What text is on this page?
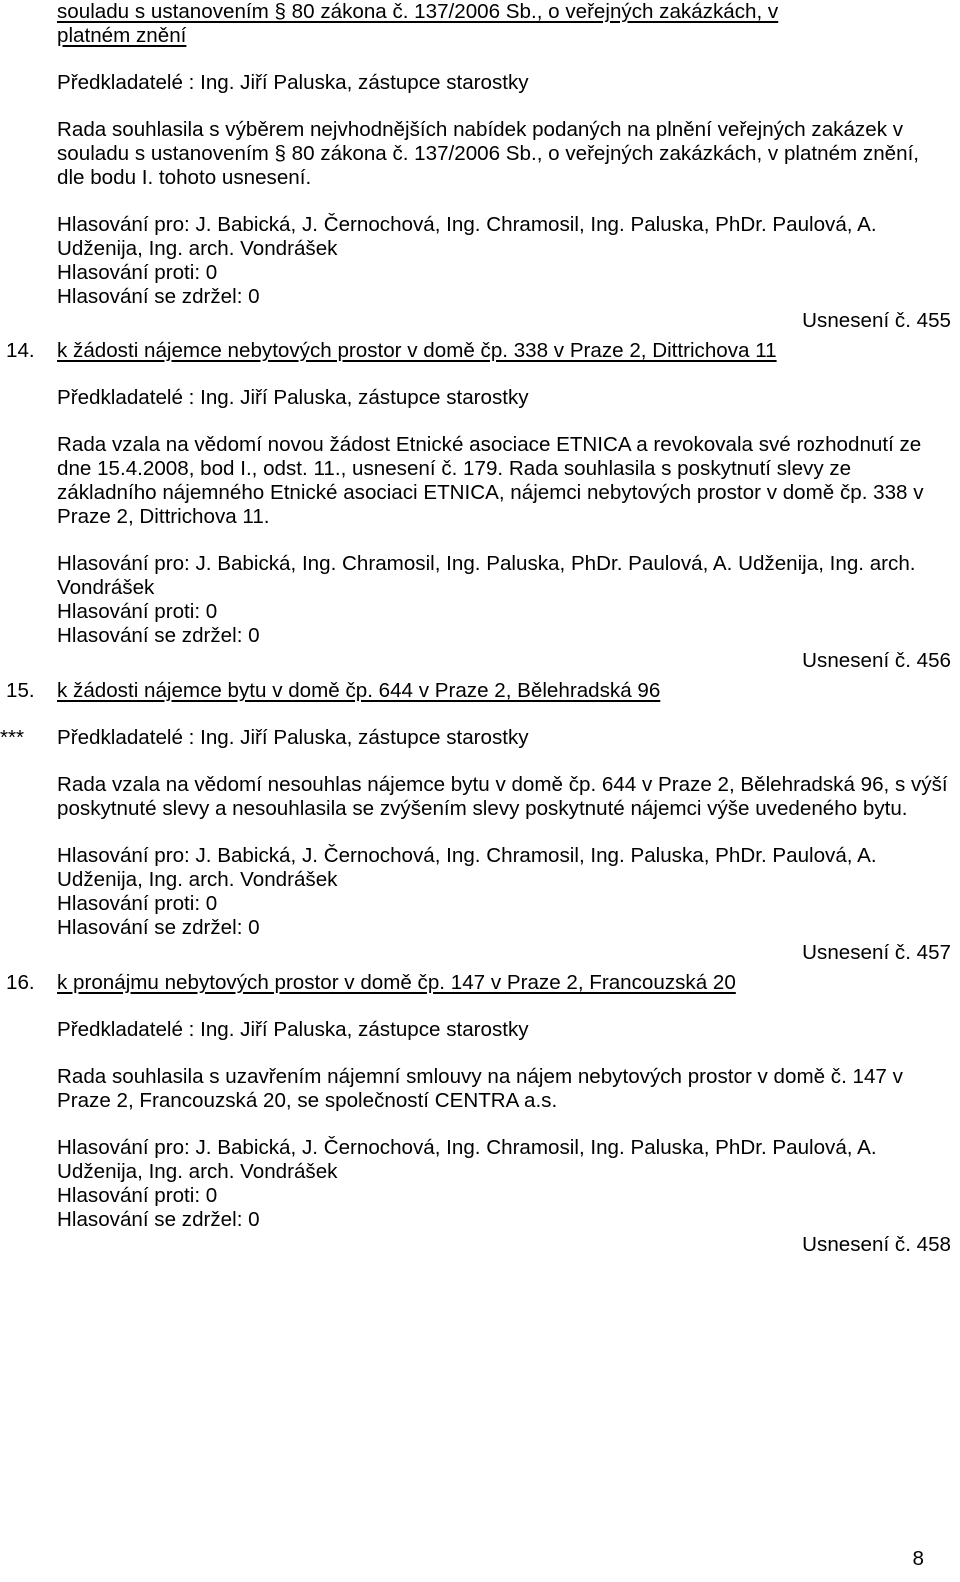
souladu s ustanovením § 80 zákona č. 137/2006 Sb., o veřejných zakázkách, v

platném znění

Předkladatelé : Ing. Jiří Paluska, zástupce starostky

Rada souhlasila s výběrem nejvhodnějších nabídek podaných na plnění veřejných zakázek v souladu s ustanovením § 80 zákona č. 137/2006 Sb., o veřejných zakázkách, v platném znění, dle bodu I. tohoto usnesení.

Hlasování pro: J. Babická, J. Černochová, Ing. Chramosil, Ing. Paluska, PhDr. Paulová, A. Udženija, Ing. arch. Vondrášek

Hlasování proti: 0

Hlasování se zdržel: 0

Usnesení č. 455

14.	k žádosti nájemce nebytových prostor v domě čp. 338 v Praze 2, Dittrichova 11

Předkladatelé : Ing. Jiří Paluska, zástupce starostky

Rada vzala na vědomí novou žádost Etnické asociace ETNICA a revokovala své rozhodnutí ze dne 15.4.2008, bod I., odst. 11., usnesení č. 179. Rada souhlasila s poskytnutí slevy ze základního nájemného Etnické asociaci ETNICA, nájemci nebytových prostor v domě čp. 338 v Praze 2, Dittrichova 11.

Hlasování pro: J. Babická, Ing. Chramosil, Ing. Paluska, PhDr. Paulová, A. Udženija, Ing. arch. Vondrášek

Hlasování proti: 0

Hlasování se zdržel: 0

Usnesení č. 456

15.	k žádosti nájemce bytu v domě čp. 644 v Praze 2, Bělehradská 96
***	Předkladatelé : Ing. Jiří Paluska, zástupce starostky

Rada vzala na vědomí nesouhlas nájemce bytu v domě čp. 644 v Praze 2, Bělehradská 96, s výší poskytnuté slevy a nesouhlasila se zvýšením slevy poskytnuté nájemci výše uvedeného bytu.

Hlasování pro: J. Babická, J. Černochová, Ing. Chramosil, Ing. Paluska, PhDr. Paulová, A. Udženija, Ing. arch. Vondrášek

Hlasování proti: 0

Hlasování se zdržel: 0

Usnesení č. 457

16.	k pronájmu nebytových prostor v domě čp. 147 v Praze 2, Francouzská 20

Předkladatelé : Ing. Jiří Paluska, zástupce starostky

Rada souhlasila s uzavřením nájemní smlouvy na nájem nebytových prostor v domě č. 147 v Praze 2, Francouzská 20, se společností CENTRA a.s.

Hlasování pro: J. Babická, J. Černochová, Ing. Chramosil, Ing. Paluska, PhDr. Paulová, A. Udženija, Ing. arch. Vondrášek

Hlasování proti: 0

Hlasování se zdržel: 0

Usnesení č. 458

8
